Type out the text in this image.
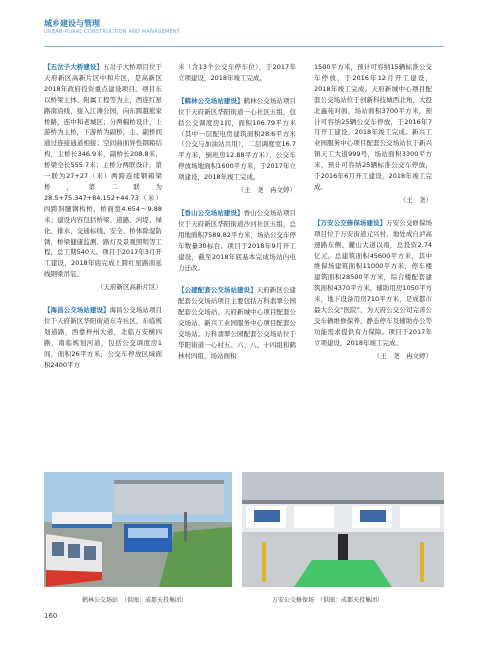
城乡建设与管理
URBAN-RURAL CONSTRUCTION AND MANAGEMENT

【五岔子大桥建设】五岔子大桥项目位于天府新区高新片区中和片区，是高新区2018年政府投资重点建设项目。项目东以桥梁主体、附属工程等为主，西连红星路南沿线，接入江滩公园，向东跨越熊家桥路，连中和老城区；分两幅桥设计，上游桥为主桥，下游桥为副桥，主、副桥间通过连接通道相接；空间曲面异性钢箱结构，主桥长346.9米，副桥长208.8米，桥梁全长555.7米；主桥分两联设计，第一联为27+27（米）两跨连续钢箱梁桥，第二联为28.5+75.347+84.152+44.73（米）四跨斜腿钢构桥，桥面宽4.654～9.88米；建设内容包括桥梁、道路、河堤、绿化、排水、交通标线、安全、桥体除湿防锈、桥梁健康监测、路灯及景观照明等工程，总工期540天。项目于2017年3月开工建设，2018年底完成上跨红星路南延线钢梁吊装。

（天府新区高新片区）

【海昌公交场站建设】海昌公交场站项目位于天府新区华阳街道东寺社区，东临规划道路，西靠梓州大道，北临万安横四路，南临规划河道，包括公交调度房1间，面积26平方米，公交车停放区域面积2400平方

米（含13个公交车停车位），于2017年立项建设，2018年竣工完成。

【鹤林公交场站建设】鹤林公交场站项目位于天府新区华阳街道一心社区五组，包括公交调度房1间，面积106.79平方米（其中一层配电房建筑面积28.6平方米（公交与加油站共用），二层调度室16.7平方米，倒班房12.88平方米），公交车停放场地面积1600平方米，于2017年立项建设，2018年竣工完成。

（王　尧　冉文婷）

【香山公交场站建设】香山公交场站项目位于天府新区华阳街道沙河社区五组，总用地面积7589.82平方米，场站公交车停车数量30标台。项目于2018年9月开工建设，截至2018年底基本完成场站内电力迁改。

【公建配套公交场站建设】天府新区公建配套公交场站项目主要包括万科翡翠公园配套公交场站、天府新城中心项目配套公交场站、新兴工业园服务中心项目配套公交场站。万科翡翠公园配套公交场站位于华阳街道一心村五、六、八、十四组和鹤林村四组，场站面积

1500平方米，预计可容纳15辆标准公交车停放，于2016年12月开工建设，2018年竣工完成。天府新城中心项目配套公交场站位于创新科技城西北角、大投北鑫苑对面，场站面积3700平方米，预计可容纳25辆公交车停放，于2016年7月开工建设，2018年竣工完成。新兴工业园服务中心项目配套公交场站位于新兴镇天工大道999号，场站面积3300平方米，预计可容纳25辆标准公交车停放，于2016年6月开工建设，2018年竣工完成。

（王　尧）

【万安公交修保场建设】万安公交修保场项目位于万安街道元兴村，地处成自泸高速路东侧、麓山大道以南，总投资2.74亿元，总建筑面积45600平方米，其中维保场建筑面积11000平方米，停车楼建筑面积28500平方米，综合楼配套建筑面积4370平方米，辅助用房1050平方米，地下设备用房710平方米，是成都市最大公交“医院”，为天府公交公司完善公交车辆维修保养、静态停车及辅助办公等功能需求提供有力保障。项目于2017年立项建设，2018年竣工完成。

（王　尧　冉文婷）

鹤林公交场站　（供图：成都天投集团）	万安公交修保场　（供图：成都天投集团）
160
